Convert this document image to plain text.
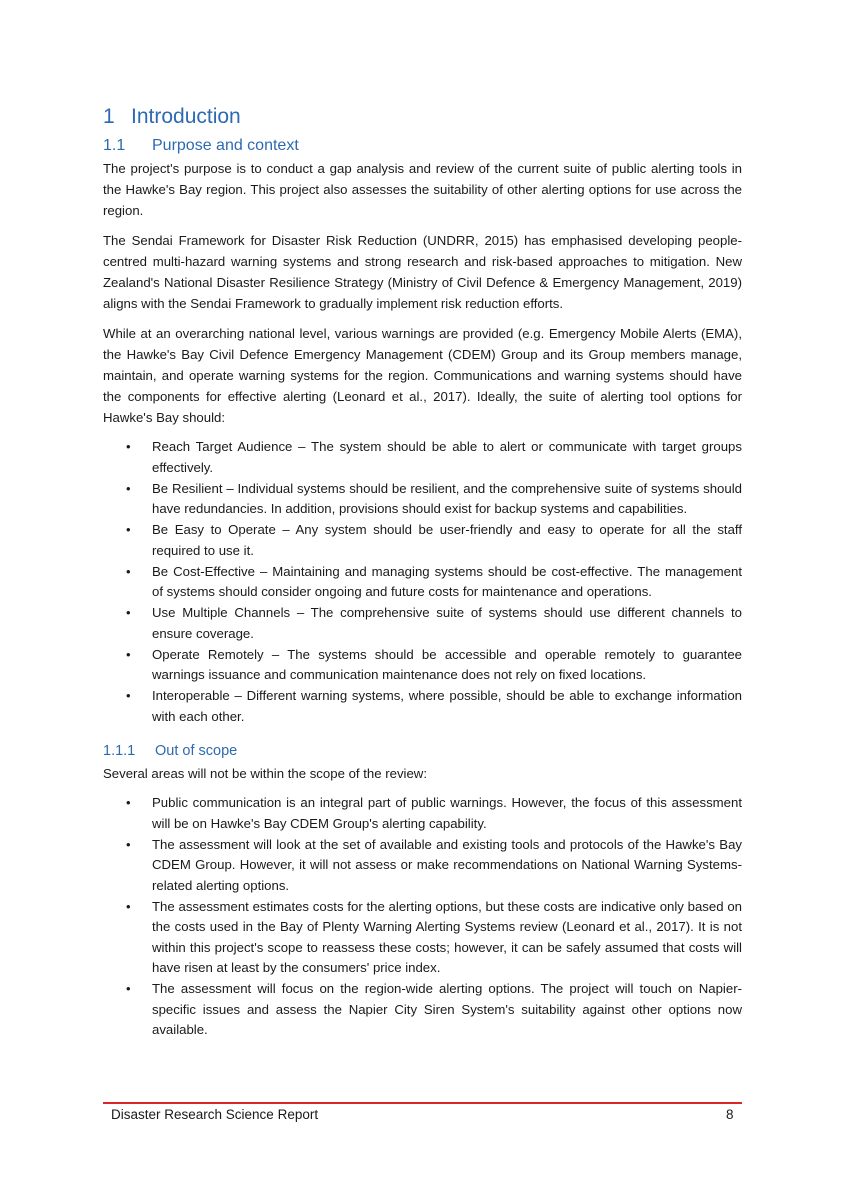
1 Introduction
1.1 Purpose and context

The project's purpose is to conduct a gap analysis and review of the current suite of public alerting tools in the Hawke's Bay region. This project also assesses the suitability of other alerting options for use across the region.

The Sendai Framework for Disaster Risk Reduction (UNDRR, 2015) has emphasised developing people-centred multi-hazard warning systems and strong research and risk-based approaches to mitigation. New Zealand's National Disaster Resilience Strategy (Ministry of Civil Defence & Emergency Management, 2019) aligns with the Sendai Framework to gradually implement risk reduction efforts.

While at an overarching national level, various warnings are provided (e.g. Emergency Mobile Alerts (EMA), the Hawke's Bay Civil Defence Emergency Management (CDEM) Group and its Group members manage, maintain, and operate warning systems for the region. Communications and warning systems should have the components for effective alerting (Leonard et al., 2017). Ideally, the suite of alerting tool options for Hawke's Bay should:

• Reach Target Audience – The system should be able to alert or communicate with target groups effectively.
• Be Resilient – Individual systems should be resilient, and the comprehensive suite of systems should have redundancies. In addition, provisions should exist for backup systems and capabilities.
• Be Easy to Operate – Any system should be user-friendly and easy to operate for all the staff required to use it.
• Be Cost-Effective – Maintaining and managing systems should be cost-effective. The management of systems should consider ongoing and future costs for maintenance and operations.
• Use Multiple Channels – The comprehensive suite of systems should use different channels to ensure coverage.
• Operate Remotely – The systems should be accessible and operable remotely to guarantee warnings issuance and communication maintenance does not rely on fixed locations.
• Interoperable – Different warning systems, where possible, should be able to exchange information with each other.
1.1.1 Out of scope

Several areas will not be within the scope of the review:

• Public communication is an integral part of public warnings. However, the focus of this assessment will be on Hawke's Bay CDEM Group's alerting capability.
• The assessment will look at the set of available and existing tools and protocols of the Hawke's Bay CDEM Group. However, it will not assess or make recommendations on National Warning Systems-related alerting options.
• The assessment estimates costs for the alerting options, but these costs are indicative only based on the costs used in the Bay of Plenty Warning Alerting Systems review (Leonard et al., 2017). It is not within this project's scope to reassess these costs; however, it can be safely assumed that costs will have risen at least by the consumers' price index.
• The assessment will focus on the region-wide alerting options. The project will touch on Napier-specific issues and assess the Napier City Siren System's suitability against other options now available.
Disaster Research Science Report	8
